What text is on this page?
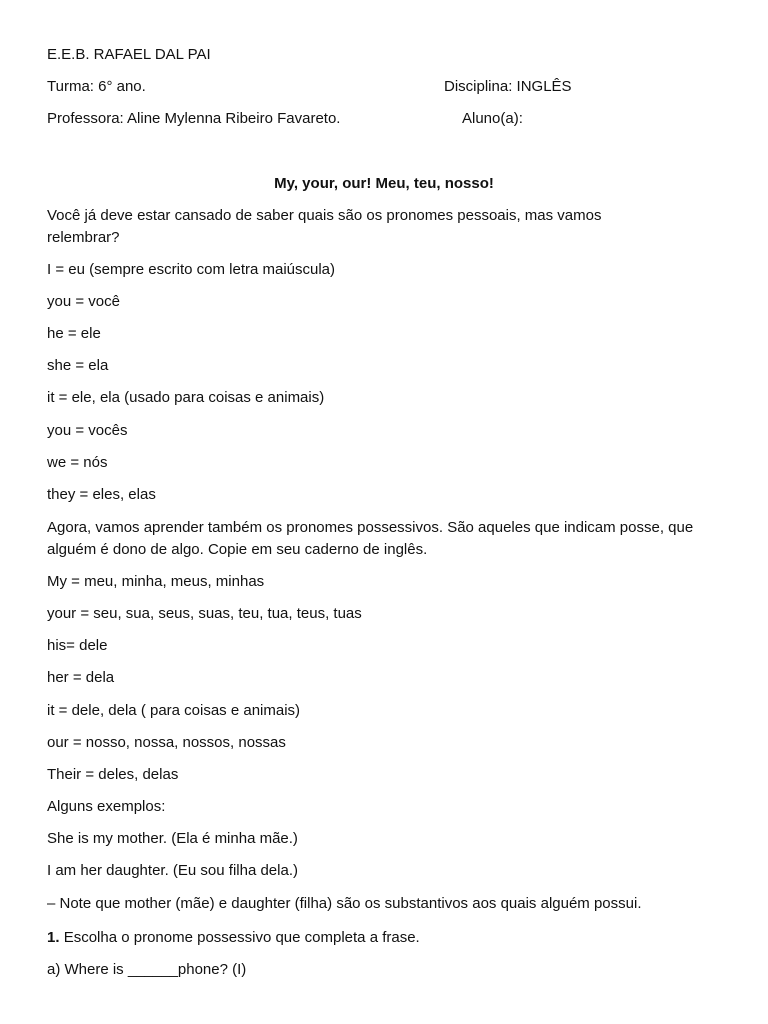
E.E.B. RAFAEL DAL PAI
Turma: 6° ano.	Disciplina: INGLÊS
Professora: Aline Mylenna Ribeiro Favareto.	Aluno(a):
My, your, our! Meu, teu, nosso!
Você já deve estar cansado de saber quais são os pronomes pessoais, mas vamos relembrar?
I = eu (sempre escrito com letra maiúscula)
you = você
he = ele
she = ela
it = ele, ela (usado para coisas e animais)
you = vocês
we = nós
they = eles, elas
Agora, vamos aprender também os pronomes possessivos. São aqueles que indicam posse, que alguém é dono de algo. Copie em seu caderno de inglês.
My = meu, minha, meus, minhas
your = seu, sua, seus, suas, teu, tua, teus, tuas
his= dele
her = dela
it = dele, dela ( para coisas e animais)
our = nosso, nossa, nossos, nossas
Their = deles, delas
Alguns exemplos:
She is my mother. (Ela é minha mãe.)
I am her daughter. (Eu sou filha dela.)
– Note que mother (mãe) e daughter (filha) são os substantivos aos quais alguém possui.
1. Escolha o pronome possessivo que completa a frase.
a) Where is ______phone? (I)
